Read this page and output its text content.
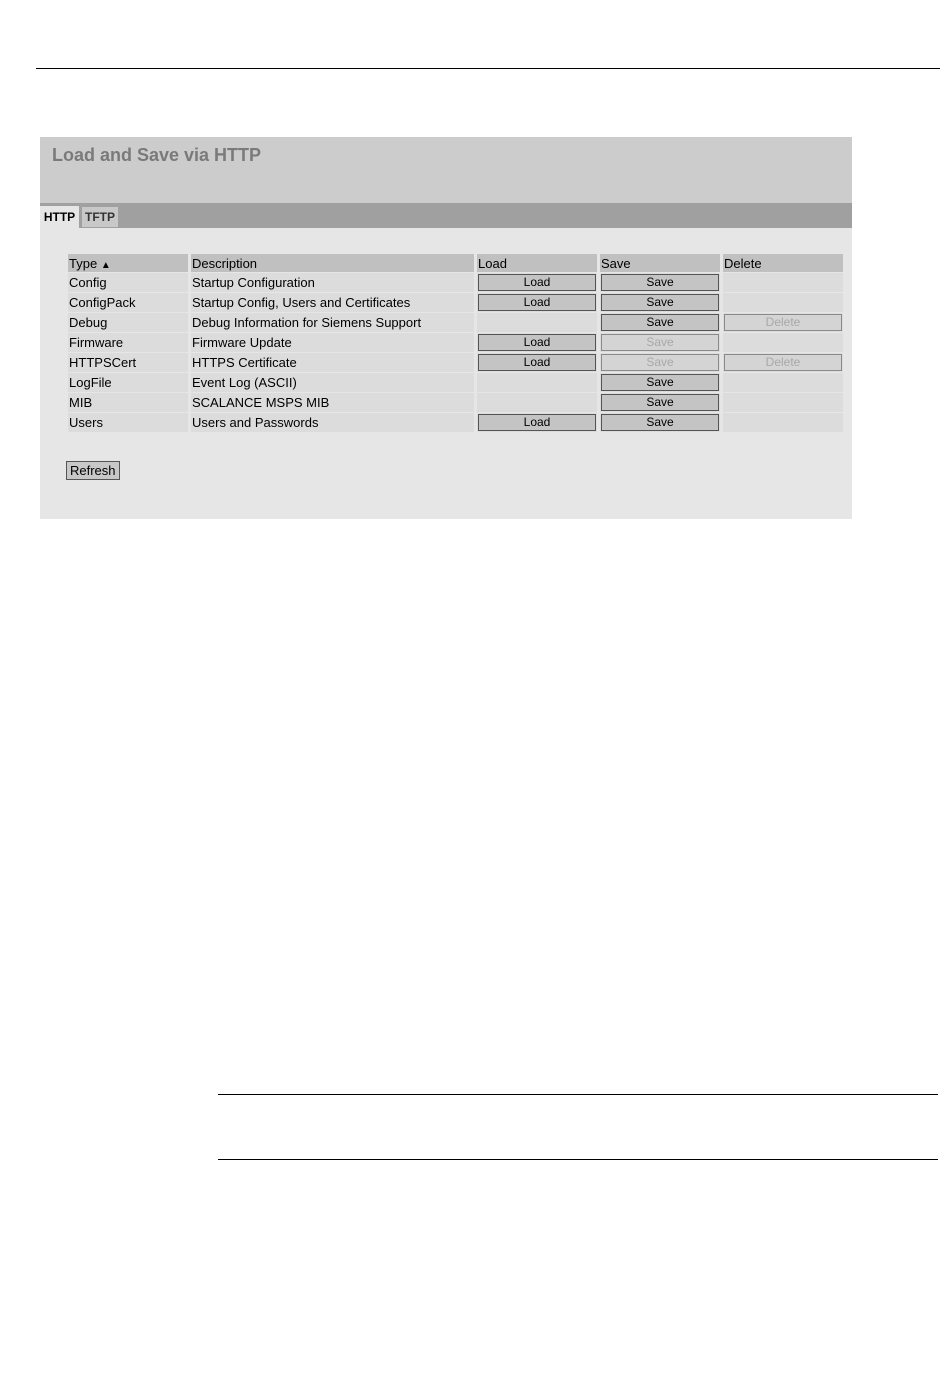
Load and Save via HTTP
HTTP TFTP
Type ▲	Description	Load	Save	Delete
Config	Startup Configuration	Load	Save	

ConfigPack	Startup Config, Users and Certificates	Load	Save	

Debug	Debug Information for Siemens Support		Save	Delete

Firmware	Firmware Update	Load	Save	

HTTPSCert	HTTPS Certificate	Load	Save	Delete

LogFile	Event Log (ASCII)		Save	

MIB	SCALANCE MSPS MIB		Save	

Users	Users and Passwords	Load	Save	

Refresh
